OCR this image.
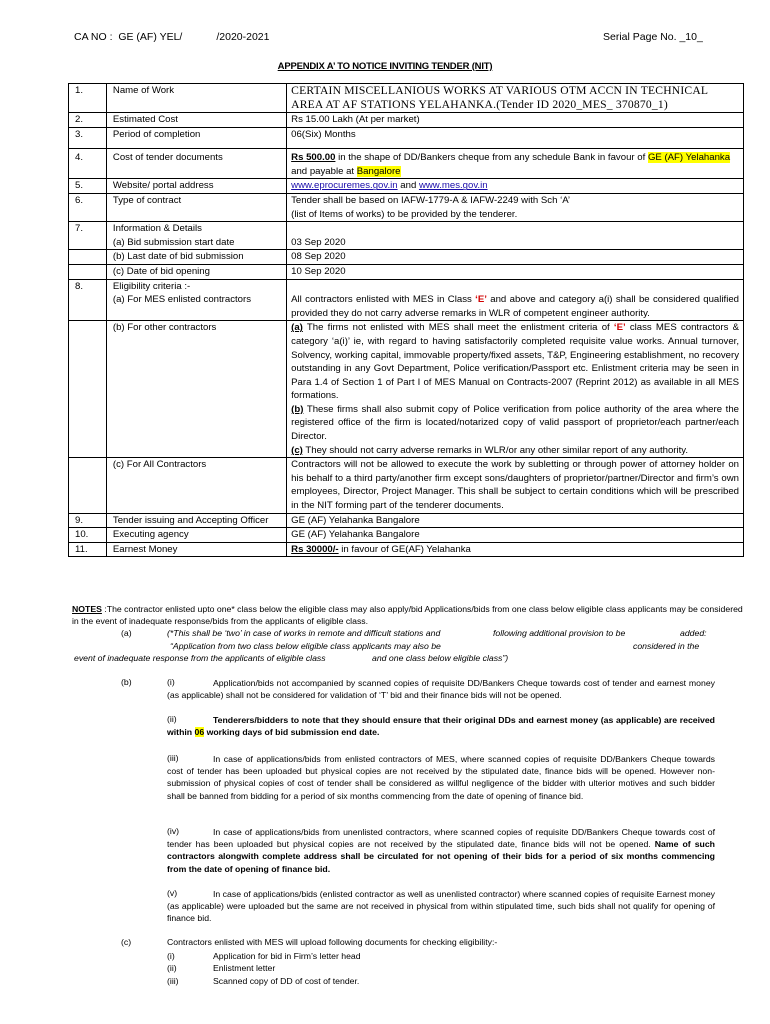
CA NO :  GE (AF) YEL/	/2020-2021	Serial Page No. _10_
APPENDIX A’ TO NOTICE INVITING TENDER (NIT)
1.	Name of Work	CERTAIN MISCELLANIOUS WORKS AT VARIOUS OTM ACCN IN TECHNICAL AREA AT AF STATIONS YELAHANKA.(Tender ID 2020_MES_ 370870_1)
2.	Estimated Cost	Rs 15.00 Lakh (At per market)
3.	Period of completion	06(Six) Months
4.	Cost of tender documents	Rs 500.00 in the shape of DD/Bankers cheque from any schedule Bank in favour of GE (AF) Yelahanka and payable at Bangalore
5.	Website/ portal address	www.eprocuremes.gov.in and www.mes.gov.in
6.	Type of contract	Tender shall be based on IAFW-1779-A & IAFW-2249 with Sch ‘A’
(list of Items of works) to be provided by the tenderer.

7.	Information & Details
(a) Bid submission start date	03 Sep 2020

	(b) Last date of bid submission	08 Sep 2020
	(c) Date of bid opening	10 Sep 2020
8.	Eligibility criteria :-
(a) For MES enlisted contractors	All contractors enlisted with MES in Class ‘E’ and above and category a(i) shall be considered qualified provided they do not carry adverse remarks in WLR of competent engineer authority.
	(b) For other contractors	(a) The firms not enlisted with MES shall meet the enlistment criteria of ‘E’ class MES contractors & category ‘a(i)’ ie, with regard to having satisfactorily completed requisite value works. Annual turnover, Solvency, working capital, immovable property/fixed assets, T&P, Engineering establishment, no recovery outstanding in any Govt Department, Police verification/Passport etc. Enlistment criteria may be seen in Para 1.4 of Section 1 of Part I of MES Manual on Contracts-2007 (Reprint 2012) as available in all MES formations.
(b) These firms shall also submit copy of Police verification from police authority of the area where the registered office of the firm is located/notarized copy of valid passport of proprietor/each partner/each Director.
(c) They should not carry adverse remarks in WLR/or any other similar report of any authority.
	(c) For All Contractors	Contractors will not be allowed to execute the work by subletting or through power of attorney holder on his behalf to a third party/another firm except sons/daughters of proprietor/partner/Director and firm’s own employees, Director, Project Manager. This shall be subject to certain conditions which will be prescribed in the NIT forming part of the tenderer documents.
9.	Tender issuing and Accepting Officer	GE (AF) Yelahanka Bangalore
10.	Executing agency	GE (AF) Yelahanka Bangalore
11.	Earnest Money	Rs 30000/- in favour of GE(AF) Yelahanka
NOTES :The contractor enlisted upto one* class below the eligible class may also apply/bid Applications/bids from one class below eligible class applicants may be considered in the event of inadequate response/bids from the applicants of eligible class.
(a)	(*This shall be ‘two’ in case of works in remote and difficult stations and	following additional provision to be	added:
“Application from two class below eligible class applicants may also be	considered in the
event of inadequate response from the applicants of eligible class	and one class below eligible class”)
(b)	(i)	Application/bids not accompanied by scanned copies of requisite DD/Bankers Cheque towards cost of tender and earnest money (as applicable) shall not be considered for validation of ‘T’ bid and their finance bids will not be opened.
(ii)	Tenderers/bidders to note that they should ensure that their original DDs and earnest money (as applicable) are received within 06 working days of bid submission end date.
(iii)	In case of applications/bids from enlisted contractors of MES, where scanned copies of requisite DD/Bankers Cheque towards cost of tender has been uploaded but physical copies are not received by the stipulated date, finance bids will be opened. However non-submission of physical copies of cost of tender shall be considered as willful negligence of the bidder with ulterior motives and such bidder shall be banned from bidding for a period of six months commencing from the date of opening of finance bid.
(iv)	In case of applications/bids from unenlisted contractors, where scanned copies of requisite DD/Bankers Cheque towards cost of tender has been uploaded but physical copies are not received by the stipulated date, finance bids will not be opened. Name of such contractors alongwith complete address shall be circulated for not opening of their bids for a period of six months commencing from the date of opening of finance bid.
(v)	In case of applications/bids (enlisted contractor as well as unenlisted contractor) where scanned copies of requisite Earnest money (as applicable) were uploaded but the same are not received in physical from within stipulated time, such bids shall not qualify for opening of finance bid.
(c)	Contractors enlisted with MES will upload following documents for checking eligibility:-
(i)	Application for bid in Firm’s letter head
(ii)	Enlistment letter
(iii)	Scanned copy of DD of cost of tender.
